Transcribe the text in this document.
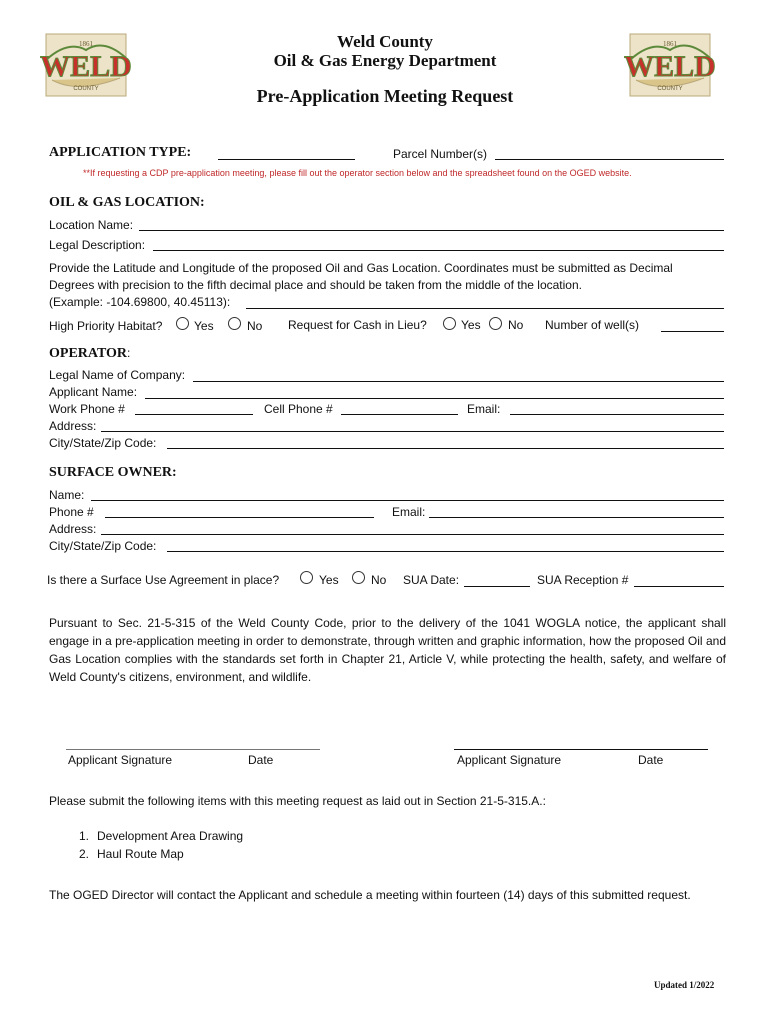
1861
WELD
COUNTY
1861
WELD
COUNTY
Weld County
Oil & Gas Energy Department
Pre-Application Meeting Request
APPLICATION TYPE:	Parcel Number(s)
**If requesting a CDP pre-application meeting, please fill out the operator section below and the spreadsheet found on the OGED website.
OIL & GAS LOCATION:
Location Name:
Legal Description:
Provide the Latitude and Longitude of the proposed Oil and Gas Location. Coordinates must be submitted as Decimal
Degrees with precision to the fifth decimal place and should be taken from the middle of the location.
(Example: -104.69800, 40.45113):
High Priority Habitat?	Yes	No Request for Cash in Lieu?	Yes No Number of well(s)
OPERATOR:
Legal Name of Company:
Applicant Name:
Work Phone #	Cell Phone #	Email:
Address:
City/State/Zip Code:
SURFACE OWNER:
Name:
Phone #	Email:
Address:
City/State/Zip Code:
Is there a Surface Use Agreement in place?	Yes	No SUA Date:	SUA Reception #
Pursuant to Sec. 21-5-315 of the Weld County Code, prior to the delivery of the 1041 WOGLA notice, the applicant shall engage in a pre-application meeting in order to demonstrate, through written and graphic information, how the proposed Oil and Gas Location complies with the standards set forth in Chapter 21, Article V, while protecting the health, safety, and welfare of Weld County's citizens, environment, and wildlife.
Applicant Signature	Date	Applicant Signature	Date
Please submit the following items with this meeting request as laid out in Section 21-5-315.A.:
1. Development Area Drawing
2. Haul Route Map
The OGED Director will contact the Applicant and schedule a meeting within fourteen (14) days of this submitted request.
Updated 1/2022
